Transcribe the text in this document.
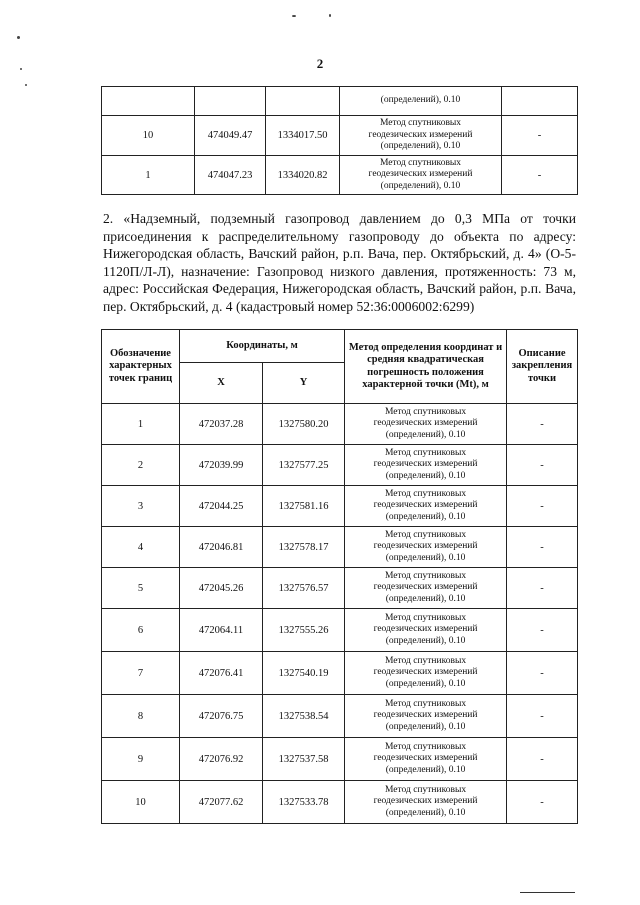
2

			(определений), 0.10	

10	474049.47	1334017.50	Метод спутниковых
геодезических измерений
(определений), 0.10	-
1	474047.23	1334020.82	Метод спутниковых
геодезических измерений
(определений), 0.10	-

2. «Надземный, подземный газопровод давлением до 0,3 МПа от точки присоединения к распределительному газопроводу до объекта по адресу: Нижегородская область, Вачский район, р.п. Вача, пер. Октябрьский, д. 4» (О-5-1120П/Л-Л), назначение: Газопровод низкого давления, протяженность: 73 м, адрес: Российская Федерация, Нижегородская область, Вачский район, р.п. Вача, пер. Октябрьский, д. 4 (кадастровый номер 52:36:0006002:6299)

Обозначение характерных точек границ	Координаты, м		Метод определения координат и средняя квадратическая погрешность положения характерной точки (Mt), м	Описание закрепления точки
	X	Y		
1	472037.28	1327580.20	Метод спутниковых
геодезических измерений
(определений), 0.10	-
2	472039.99	1327577.25	Метод спутниковых
геодезических измерений
(определений), 0.10	-
3	472044.25	1327581.16	Метод спутниковых
геодезических измерений
(определений), 0.10	-
4	472046.81	1327578.17	Метод спутниковых
геодезических измерений
(определений), 0.10	-
5	472045.26	1327576.57	Метод спутниковых
геодезических измерений
(определений), 0.10	-
6	472064.11	1327555.26	Метод спутниковых
геодезических измерений
(определений), 0.10	-
7	472076.41	1327540.19	Метод спутниковых
геодезических измерений
(определений), 0.10	-
8	472076.75	1327538.54	Метод спутниковых
геодезических измерений
(определений), 0.10	-
9	472076.92	1327537.58	Метод спутниковых
геодезических измерений
(определений), 0.10	-
10	472077.62	1327533.78	Метод спутниковых
геодезических измерений
(определений), 0.10	-
